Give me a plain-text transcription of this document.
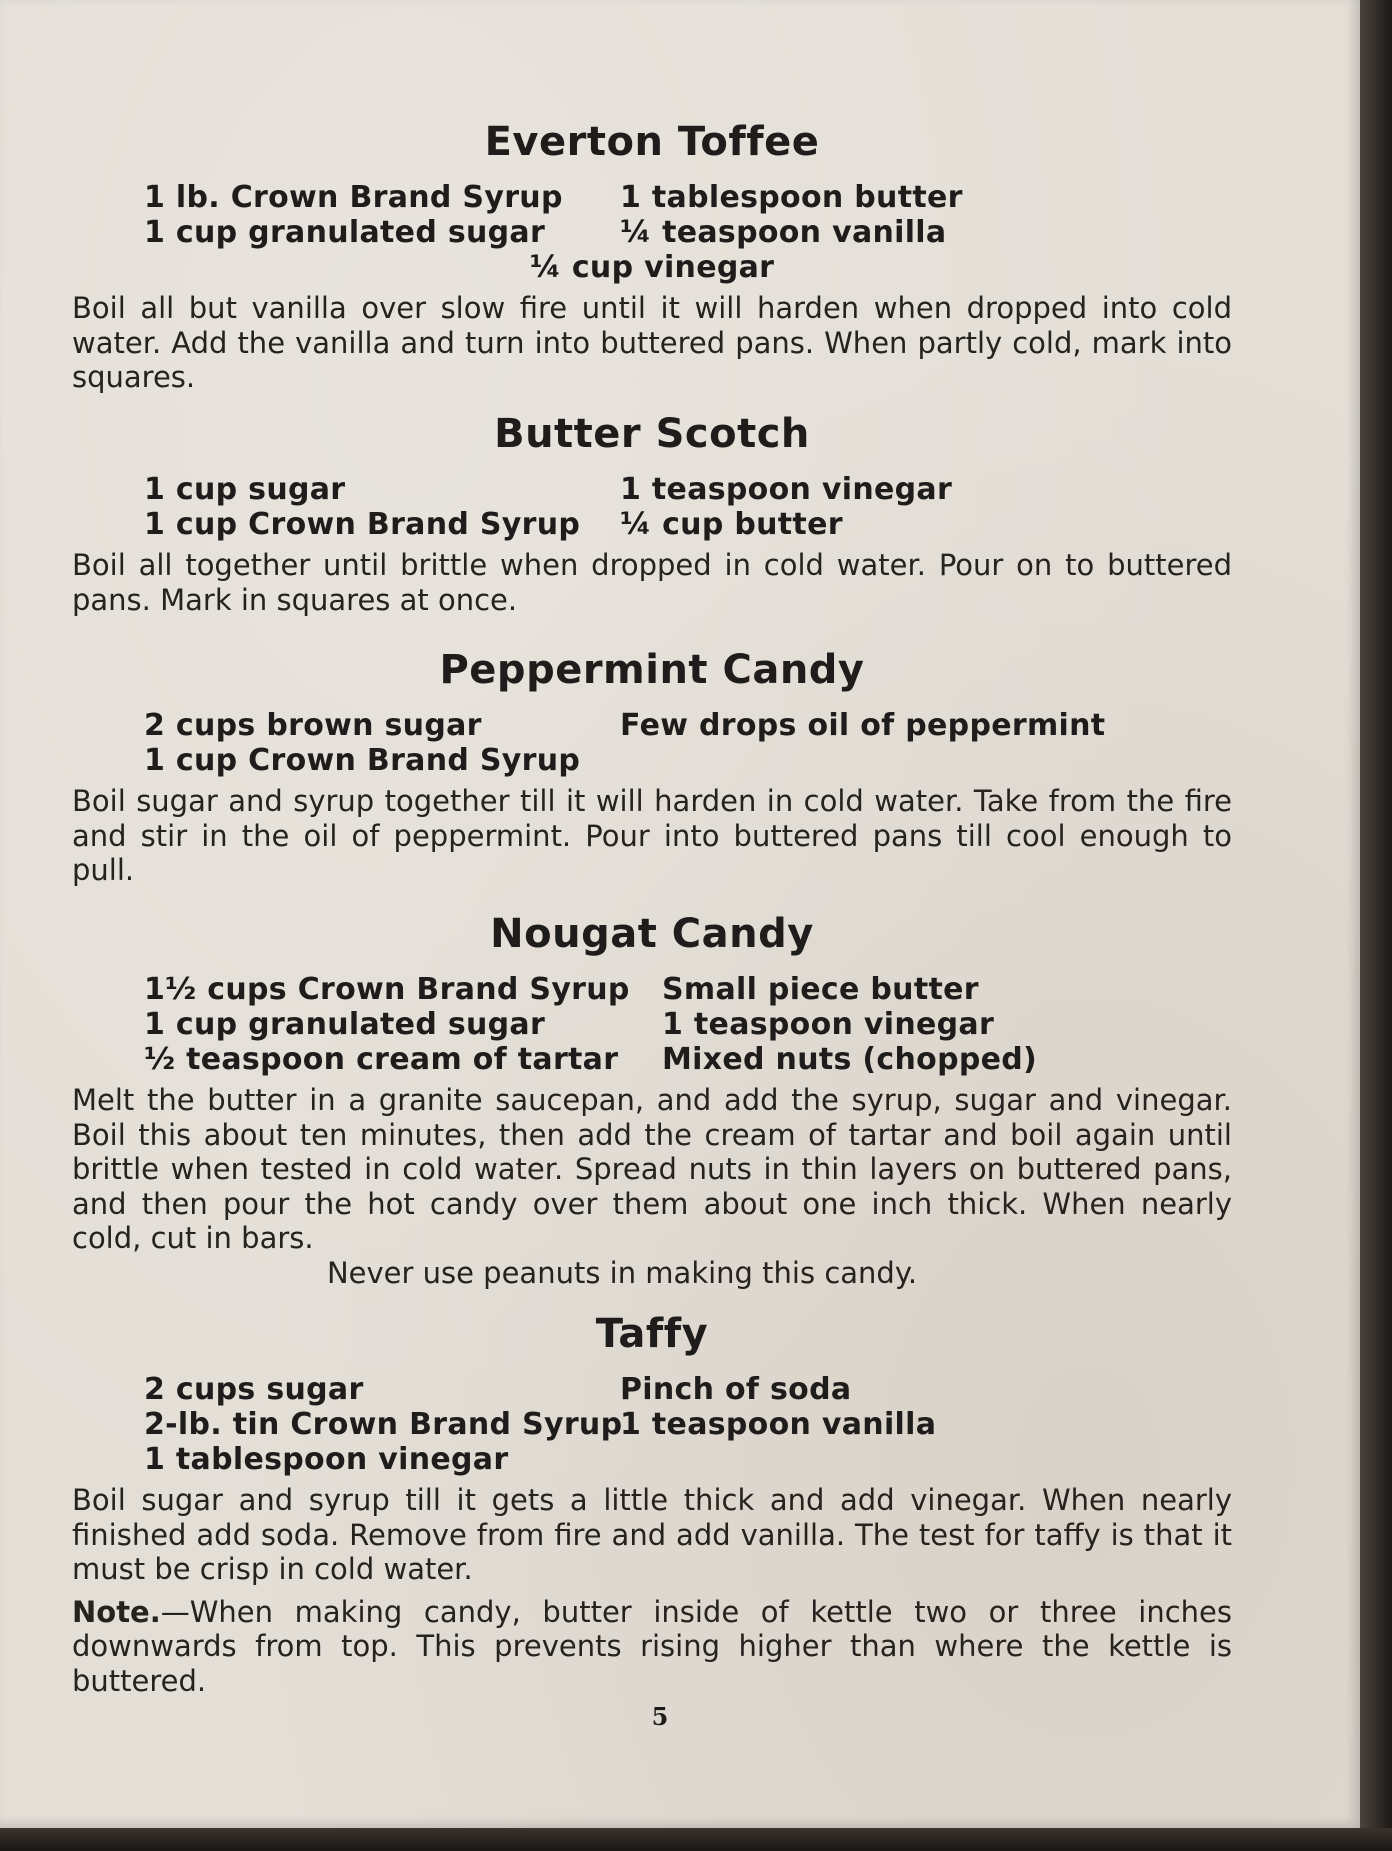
Everton Toffee
1 lb. Crown Brand Syrup
1 cup granulated sugar
1 tablespoon butter
¼ teaspoon vanilla
¼ cup vinegar
Boil all but vanilla over slow fire until it will harden when dropped into cold water. Add the vanilla and turn into buttered pans. When partly cold, mark into squares.
Butter Scotch
1 cup sugar
1 cup Crown Brand Syrup
1 teaspoon vinegar
¼ cup butter
Boil all together until brittle when dropped in cold water. Pour on to buttered pans. Mark in squares at once.
Peppermint Candy
2 cups brown sugar
1 cup Crown Brand Syrup
Few drops oil of peppermint
Boil sugar and syrup together till it will harden in cold water. Take from the fire and stir in the oil of peppermint. Pour into buttered pans till cool enough to pull.
Nougat Candy
1½ cups Crown Brand Syrup
1 cup granulated sugar
½ teaspoon cream of tartar
Small piece butter
1 teaspoon vinegar
Mixed nuts (chopped)
Melt the butter in a granite saucepan, and add the syrup, sugar and vinegar. Boil this about ten minutes, then add the cream of tartar and boil again until brittle when tested in cold water. Spread nuts in thin layers on buttered pans, and then pour the hot candy over them about one inch thick. When nearly cold, cut in bars.
Never use peanuts in making this candy.
Taffy
2 cups sugar
2-lb. tin Crown Brand Syrup
1 tablespoon vinegar
Pinch of soda
1 teaspoon vanilla
Boil sugar and syrup till it gets a little thick and add vinegar. When nearly finished add soda. Remove from fire and add vanilla. The test for taffy is that it must be crisp in cold water.
Note.—When making candy, butter inside of kettle two or three inches downwards from top. This prevents rising higher than where the kettle is buttered.
5
